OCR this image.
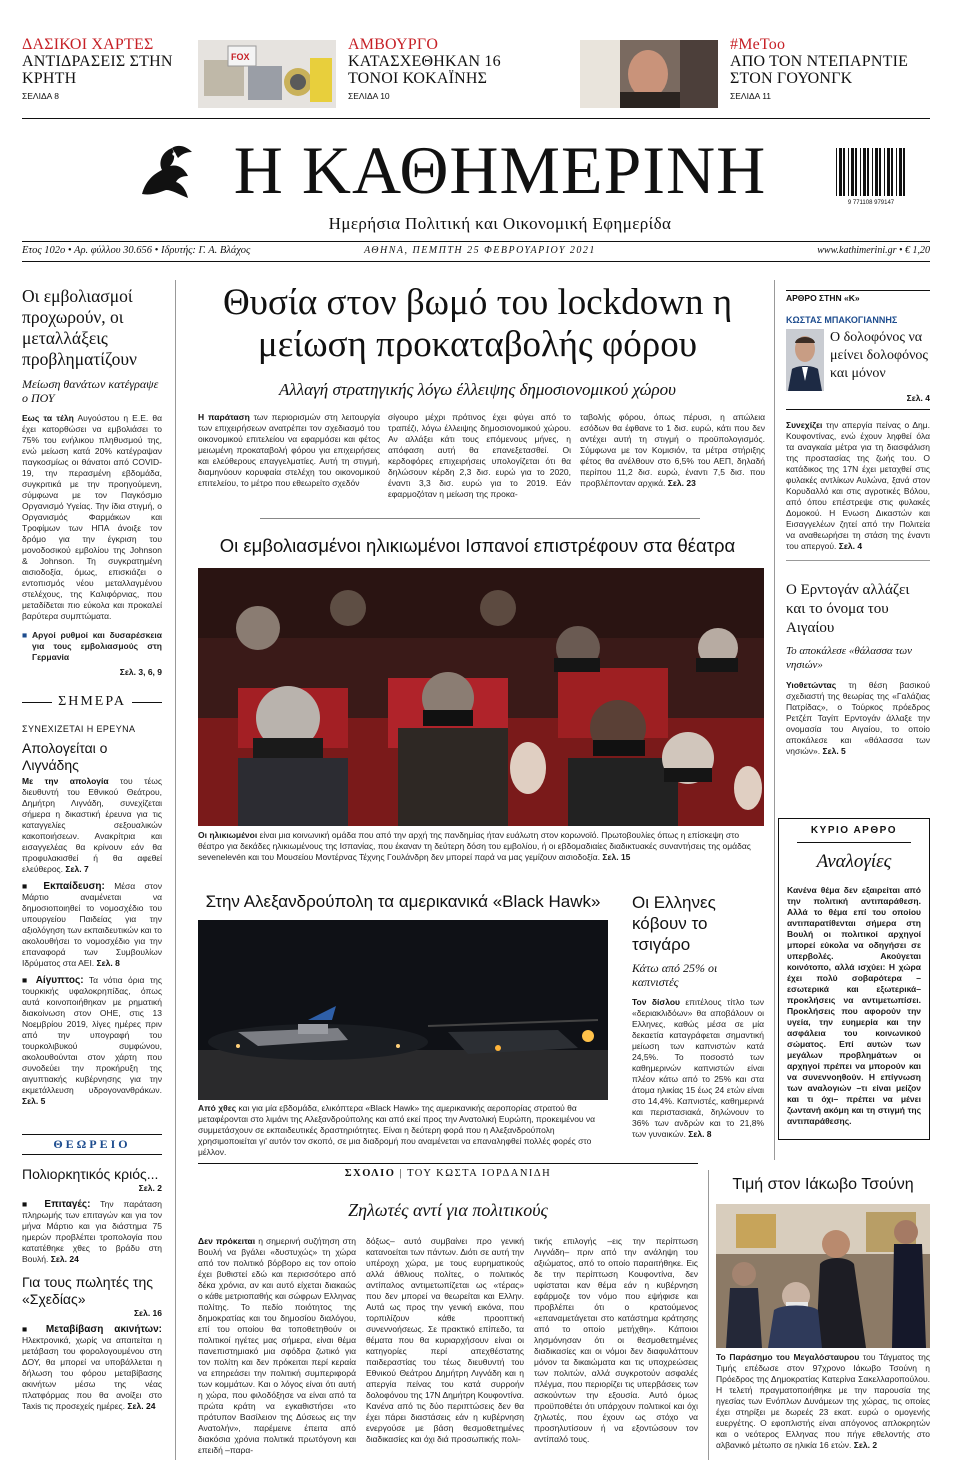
ΔΑΣΙΚΟΙ ΧΑΡΤΕΣ
ΑΝΤΙΔΡΑΣΕΙΣ ΣΤΗΝ ΚΡΗΤΗ
ΣΕΛΙΔΑ 8
FOX
ΑΜΒΟΥΡΓΟ
ΚΑΤΑΣΧΕΘΗΚΑΝ 16 ΤΟΝΟΙ ΚΟΚΑΪΝΗΣ
ΣΕΛΙΔΑ 10
#MeToo
ΑΠΟ ΤΟΝ ΝΤΕΠΑΡΝΤΙΕ ΣΤΟΝ ΓΟΥΟΝΓΚ
ΣΕΛΙΔΑ 11
Η ΚΑΘΗΜΕΡΙΝΗ
Ημερήσια Πολιτική και Οικονομική Εφημερίδα
9 771108 979147
Ετος 102ο • Αρ. φύλλου 30.656 • Ιδρυτής: Γ. Α. Βλάχος	ΑΘΗΝΑ, ΠΕΜΠΤΗ 25 ΦΕΒΡΟΥΑΡΙΟΥ 2021	www.kathimerini.gr • € 1,20
Οι εμβολιασμοί προχωρούν, οι μεταλλάξεις προβληματίζουν
Μείωση θανάτων κατέγραψε ο ΠΟΥ
Εως τα τέλη Αυγούστου η Ε.Ε. θα έχει κατορθώσει να εμβολιάσει το 75% του ενήλικου πληθυσμού της, ενώ μείωση κατά 20% κατέγραψαν παγκοσμίως οι θάνατοι από COVID-19, την περασμένη εβδομάδα, συγκριτικά με την προηγούμενη, σύμφωνα με τον Παγκόσμιο Οργανισμό Υγείας. Την ίδια στιγμή, ο Οργανισμός Φαρμάκων και Τροφίμων των ΗΠΑ άνοιξε τον δρόμο για την έγκριση του μονοδοσικού εμβολίου της Johnson & Johnson. Τη συγκρατημένη αισιοδοξία, όμως, επισκιάζει ο εντοπισμός νέου μεταλλαγμένου στελέχους, της Καλιφόρνιας, που μεταδίδεται πιο εύκολα και προκαλεί βαρύτερα συμπτώματα.
■ Αργοί ρυθμοί και δυσαρέσκεια για τους εμβολιασμούς στη Γερμανία
Σελ. 3, 6, 9
ΣΗΜΕΡΑ
ΣΥΝΕΧΙΖΕΤΑΙ Η ΕΡΕΥΝΑ
Απολογείται ο Λιγνάδης
Με την απολογία του τέως διευθυντή του Εθνικού Θεάτρου, Δημήτρη Λιγνάδη, συνεχίζεται σήμερα η δικαστική έρευνα για τις καταγγελίες σεξουαλικών κακοποιήσεων. Ανακρίτρια και εισαγγελέας θα κρίνουν εάν θα προφυλακισθεί ή θα αφεθεί ελεύθερος. Σελ. 7
■ Εκπαίδευση: Μέσα στον Μάρτιο αναμένεται να δημοσιοποιηθεί το νομοσχέδιο του υπουργείου Παιδείας για την αξιολόγηση των εκπαιδευτικών και το ακολουθήσει το νομοσχέδιο για την επαναφορά των Συμβουλίων Ιδρύματος στα ΑΕΙ. Σελ. 8
■ Αίγυπτος: Τα νότια όρια της τουρκικής υφαλοκρηπίδας, όπως αυτά κοινοποιήθηκαν με ρηματική διακοίνωση στον ΟΗΕ, στις 13 Νοεμβρίου 2019, λίγες ημέρες πριν από την υπογραφή του τουρκολιβυκού συμφώνου, ακολουθούνται στον χάρτη που συνοδεύει την προκήρυξη της αιγυπτιακής κυβέρνησης για την εκμετάλλευση υδρογονανθράκων. Σελ. 5
ΘΕΩΡΕΙΟ
Πολιορκητικός κριός...
Σελ. 2
■ Επιταγές: Την παράταση πληρωμής των επιταγών και για τον μήνα Μάρτιο και για διάστημα 75 ημερών προβλέπει τροπολογία που κατατέθηκε χθες το βράδυ στη Βουλή. Σελ. 24
Για τους πωλητές της «Σχεδίας»
Σελ. 16
■ Μεταβίβαση ακινήτων: Ηλεκτρονικά, χωρίς να απαιτείται η μετάβαση του φορολογουμένου στη ΔΟΥ, θα μπορεί να υποβάλλεται η δήλωση του φόρου μεταβίβασης ακινήτων μέσω της νέας πλατφόρμας που θα ανοίξει στο Taxis τις προσεχείς ημέρες. Σελ. 24
Θυσία στον βωμό του lockdown η μείωση προκαταβολής φόρου
Αλλαγή στρατηγικής λόγω έλλειψης δημοσιονομικού χώρου
Η παράταση των περιορισμών στη λειτουργία των επιχειρήσεων ανατρέπει τον σχεδιασμό του οικονομικού επιτελείου να εφαρμόσει και φέτος μειωμένη προκαταβολή φόρου για επιχειρήσεις και ελεύθερους επαγγελματίες. Αυτή τη στιγμή, διαμηνύουν κορυφαία στελέχη του οικονομικού επιτελείου, το μέτρο που εθεωρείτο σχεδόν
σίγουρο μέχρι πρότινος έχει φύγει από το τραπέζι, λόγω έλλειψης δημοσιονομικού χώρου. Αν αλλάξει κάτι τους επόμενους μήνες, η απόφαση αυτή θα επανεξετασθεί. Οι κερδοφόρες επιχειρήσεις υπολογίζεται ότι θα δηλώσουν κέρδη 2,3 δισ. ευρώ για το 2020, έναντι 3,3 δισ. ευρώ για το 2019. Εάν εφαρμοζόταν η μείωση της προκα-
ταβολής φόρου, όπως πέρυσι, η απώλεια εσόδων θα έφθανε τo 1 δισ. ευρώ, κάτι που δεν αντέχει αυτή τη στιγμή ο προϋπολογισμός. Σύμφωνα με τον Κομισιόν, τα μέτρα στήριξης φέτος θα ανέλθουν στο 6,5% του ΑΕΠ, δηλαδή περίπου 11,2 δισ. ευρώ, έναντι 7,5 δισ. που προβλέπονταν αρχικά. Σελ. 23
Οι εμβολιασμένοι ηλικιωμένοι Ισπανοί επιστρέφουν στα θέατρα
Οι ηλικιωμένοι είναι μια κοινωνική ομάδα που από την αρχή της πανδημίας ήταν ευάλωτη στον κορωνοϊό. Πρωτοβουλίες όπως η επίσκεψη στο θέατρο για δεκάδες ηλικιωμένους της Ισπανίας, που έκαναν τη δεύτερη δόση του εμβολίου, ή οι εβδομαδιαίες διαδικτυακές συναντήσεις της ομάδας sevenelevén και του Μουσείου Μοντέρνας Τέχνης Γουλάνδρη δεν μπορεί παρά να μας γεμίζουν αισιοδοξία. Σελ. 15
Στην Αλεξανδρούπολη τα αμερικανικά «Black Hawk»
Από χθες και για μία εβδομάδα, ελικόπτερα «Black Hawk» της αμερικανικής αεροπορίας στρατού θα μεταφέρονται στο λιμάνι της Αλεξανδρούπολης και από εκεί προς την Ανατολική Ευρώπη, προκειμένου να συμμετάσχουν σε εκπαιδευτικές δραστηριότητες. Είναι η δεύτερη φορά που η Αλεξανδρούπολη χρησιμοποιείται γι' αυτόν τον σκοπό, σε μια διαδρομή που αναμένεται να επαναληφθεί πολλές φορές στο μέλλον.
Οι Ελληνες κόβουν το τσιγάρο
Κάτω από 25% οι καπνιστές
Τον δίσλου επιτέλους τίτλο των «δεριακλιδόων» θα αποβάλουν οι Ελληνες, καθώς μέσα σε μία δεκαετία καταγράφεται σημαντική μείωση των καπνιστών κατά 24,5%. Το ποσοστό των καθημερινών καπνιστών είναι πλέον κάτω από το 25% και στα άτομα ηλικίας 15 έως 24 ετών είναι στο 14,4%. Καπνιστές, καθημερινά και περιστασιακά, δηλώνουν το 36% των ανδρών και το 21,8% των γυναικών. Σελ. 8
ΑΡΘΡΟ ΣΤΗΝ «Κ»
ΚΩΣΤΑΣ ΜΠΑΚΟΓΙΑΝΝΗΣ
Ο δολοφόνος να μείνει δολοφόνος και μόνον
Σελ. 4
Συνεχίζει την απεργία πείνας ο Δημ. Κουφοντίνας, ενώ έχουν ληφθεί όλα τα αναγκαία μέτρα για τη διασφάλιση της προστασίας της ζωής του. Ο κατάδικος της 17Ν έχει μεταχθεί στις φυλακές αντλίκων Αυλώνα, ξανά στον Κορυδαλλό και στις αγροτικές Βόλου, από όπου επέστρεψε στις φυλακές Δομοκού. Η Ενωση Δικαστών και Εισαγγελέων ζητεί από την Πολιτεία να αναθεωρήσει τη στάση της έναντι του απεργού. Σελ. 4
Ο Ερντογάν αλλάζει και το όνομα του Αιγαίου
Το αποκάλεσε «θάλασσα των νησιών»
Υιοθετώντας τη θέση βασικού σχεδιαστή της θεωρίας της «Γαλάζιας Πατρίδας», ο Τούρκος πρόεδρος Ρετζέπ Ταγίπ Ερντογάν άλλαξε την ονομασία του Αιγαίου, το οποίο αποκάλεσε και «θάλασσα των νησιών». Σελ. 5
ΚΥΡΙΟ ΑΡΘΡΟ
Αναλογίες
Κανένα θέμα δεν εξαιρείται από την πολιτική αντιπαράθεση. Αλλά το θέμα επί του οποίου αντιπαρατίθενται σήμερα στη Βουλή οι πολιτικοί αρχηγοί μπορεί εύκολα να οδηγήσει σε υπερβολές. Ακούγεται κοινότοπο, αλλά ισχύει: Η χώρα έχει πολύ σοβαρότερα – εσωτερικά και εξωτερικά– προκλήσεις να αντιμετωπίσει. Προκλήσεις που αφορούν την υγεία, την ευημερία και την ασφάλεια του κοινωνικού σώματος. Επί αυτών των μεγάλων προβλημάτων οι αρχηγοί πρέπει να μπορούν και να συνεννοηθούν. Η επίγνωση των αναλογιών –τι είναι μείζον και τι όχι– πρέπει να μένει ζωντανή ακόμη και τη στιγμή της αντιπαράθεσης.
ΣΧΟΛΙΟ | ΤΟΥ ΚΩΣΤΑ ΙΟΡΔΑΝΙΔΗ
Ζηλωτές αντί για πολιτικούς
Δεν πρόκειται η σημερινή συζήτηση στη Βουλή να βγάλει «δυστυχώς» τη χώρα από τον πολιτικό βόρβορο εις τον οποίο έχει βυθιστεί εδώ και περισσότερο από δέκα χρόνια, αν και αυτό είχεται διακαώς ο κάθε μετριοπαθής και σώφρων Ελληνας πολίτης. Το πεδίο ποιότητος της δημοκρατίας και του δημοσίου διαλόγου, επί του οποίου θα τοποθετηθούν οι πολιτικοί ηγέτες μας σήμερα, είναι θέμα πανεπιστημιακό μια σφόδρα ζωτικό για τον πολίτη και δεν πρόκειται περί κεραία να επηρεάσει την πολιτική συμπεριφορά των κομμάτων. Και ο λόγος είναι ότι αυτή η χώρα, που φιλοδόξησε να είναι από τα πρώτα κράτη να εγκαθιστήσει «το πρότυπον Βασίλειον της Δύσεως εις την Ανατολήν», παρέμεινε έπειτα από διακόσια χρόνια πολιτικά πρωτόγονη και επειδή –παρα-
δόξως– αυτό συμβαίνει προ γενική κατανοείται των πάντων. Διότι σε αυτή την υπέροχη χώρα, με τους ευρηματικούς αλλά άθλιους πολίτες, ο πολιτικός αντίπαλος αντιμετωπίζεται ως «τέρας» που δεν μπορεί να θεωρείται και Ελλην. Αυτά ως προς την γενική εικόνα, που τορπιλίζουν κάθε προοπτική συνεννοήσεως. Σε πρακτικό επίπεδο, τα θέματα που θα κυριαρχήσουν είναι οι κατηγορίες περί απεχθέστατης παιδεραστίας του τέως διευθυντή του Εθνικού Θεάτρου Δημήτρη Λιγνάδη και η απεργία πείνας του κατά συρροήν δολοφόνου της 17Ν Δημήτρη Κουφοντίνα. Κανένα από τις δύο περιπτώσεις δεν θα έχει πάρει διαστάσεις εάν η κυβέρνηση ενεργούσε με βάση θεσμοθετημένες διαδικασίες και όχι διά προσωπικής πολι-
τικής επιλογής –εις την περίπτωση Λιγνάδη– πριν από την ανάληψη του αξιώματος, από το οποίο παραιτήθηκε. Εις δε την περίπτωση Κουφοντίνα, δεν υφίσταται καν θέμα εάν η κυβέρνηση εφάρμοζε τον νόμο που εψήφισε και προβλέπει ότι ο κρατούμενος «επαναμετάγεται στο κατάστημα κράτησης από το οποίο μετήχθη». Κάποιοι λησμόνησαν ότι οι θεσμοθετημένες διαδικασίες και οι νόμοι δεν διαφυλάττουν μόνον τα δικαιώματα και τις υποχρεώσεις των πολιτών, αλλά συγκροτούν ασφαλές πλέγμα, που περιορίζει τις υπερβάσεις των ασκούντων την εξουσία. Αυτό όμως προϋποθέτει ότι υπάρχουν πολιτικοί και όχι ζηλωτές, που έχουν ως στόχο να προσηλυτίσουν ή να εξοντώσουν τον αντίπαλό τους.
Τιμή στον Ιάκωβο Τσούνη
Το Παράσημο του Μεγαλόσταυρου του Τάγματος της Τιμής επέδωσε στον 97χρονο Ιάκωβο Τσούνη η Πρόεδρος της Δημοκρατίας Κατερίνα Σακελλαροπούλου. Η τελετή πραγματοποιήθηκε με την παρουσία της ηγεσίας των Ενόπλων Δυνάμεων της χώρας, τις οποίες έχει στηρίξει με δωρεές 23 εκατ. ευρώ ο ομογενής ευεργέτης. Ο εφοπλιστής είναι απόγονος απλοκρητών και ο νεότερος Ελληνας που πήγε εθελοντής στο αλβανικό μέτωπο σε ηλικία 16 ετών. Σελ. 2
